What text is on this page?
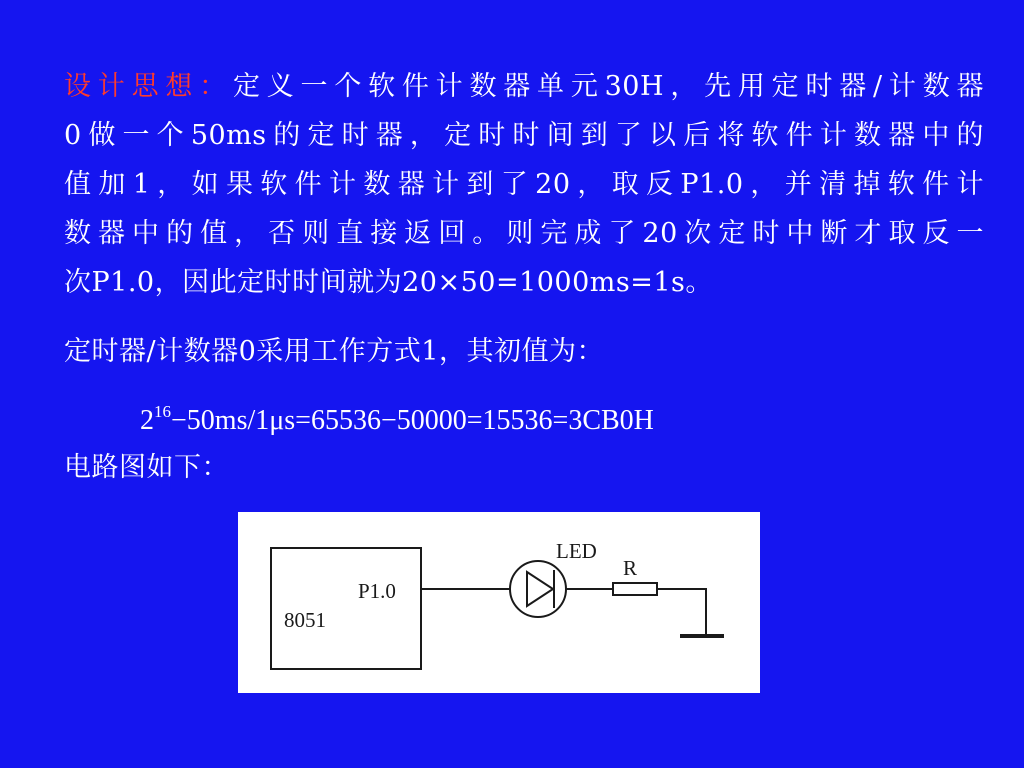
设计思想：定义一个软件计数器单元30H，先用定时器/计数器
0做一个50ms的定时器，定时时间到了以后将软件计数器中的
值加1，如果软件计数器计到了20，取反P1.0，并清掉软件计
数器中的值，否则直接返回。则完成了20次定时中断才取反一
次P1.0，因此定时时间就为20×50=1000ms=1s。
定时器/计数器0采用工作方式1，其初值为：
$2^{16}-50ms/1\mu s=65536-50000=15536=3CB0H$
电路图如下：
8051
P1.0
LED
R
